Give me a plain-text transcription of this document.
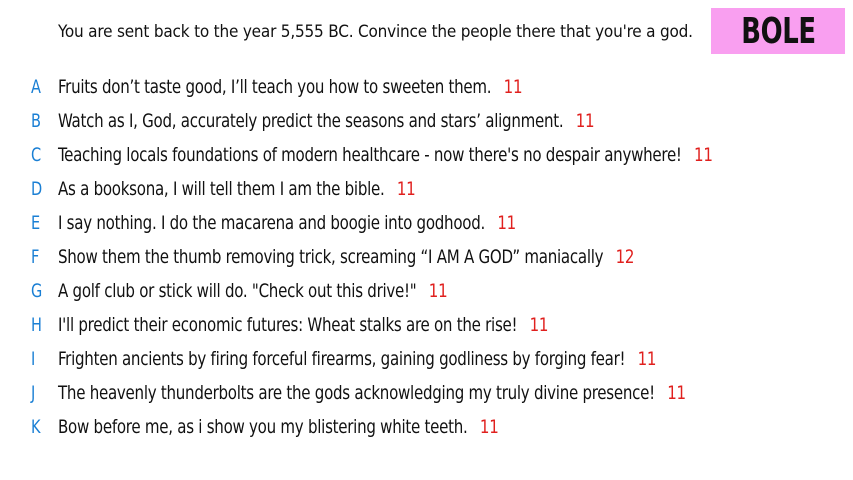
You are sent back to the year 5,555 BC. Convince the people there that you're a god. BOLE
A Fruits don’t taste good, I’ll teach you how to sweeten them. 11
B Watch as I, God, accurately predict the seasons and stars’ alignment. 11
C Teaching locals foundations of modern healthcare - now there's no despair anywhere! 11
D As a booksona, I will tell them I am the bible. 11
E I say nothing. I do the macarena and boogie into godhood. 11
F Show them the thumb removing trick, screaming “I AM A GOD” maniacally 12
G A golf club or stick will do. "Check out this drive!" 11
H I'll predict their economic futures: Wheat stalks are on the rise! 11
I	Frighten ancients by firing forceful firearms, gaining godliness by forging fear! 11
J	The heavenly thunderbolts are the gods acknowledging my truly divine presence! 11
K Bow before me, as i show you my blistering white teeth. 11
